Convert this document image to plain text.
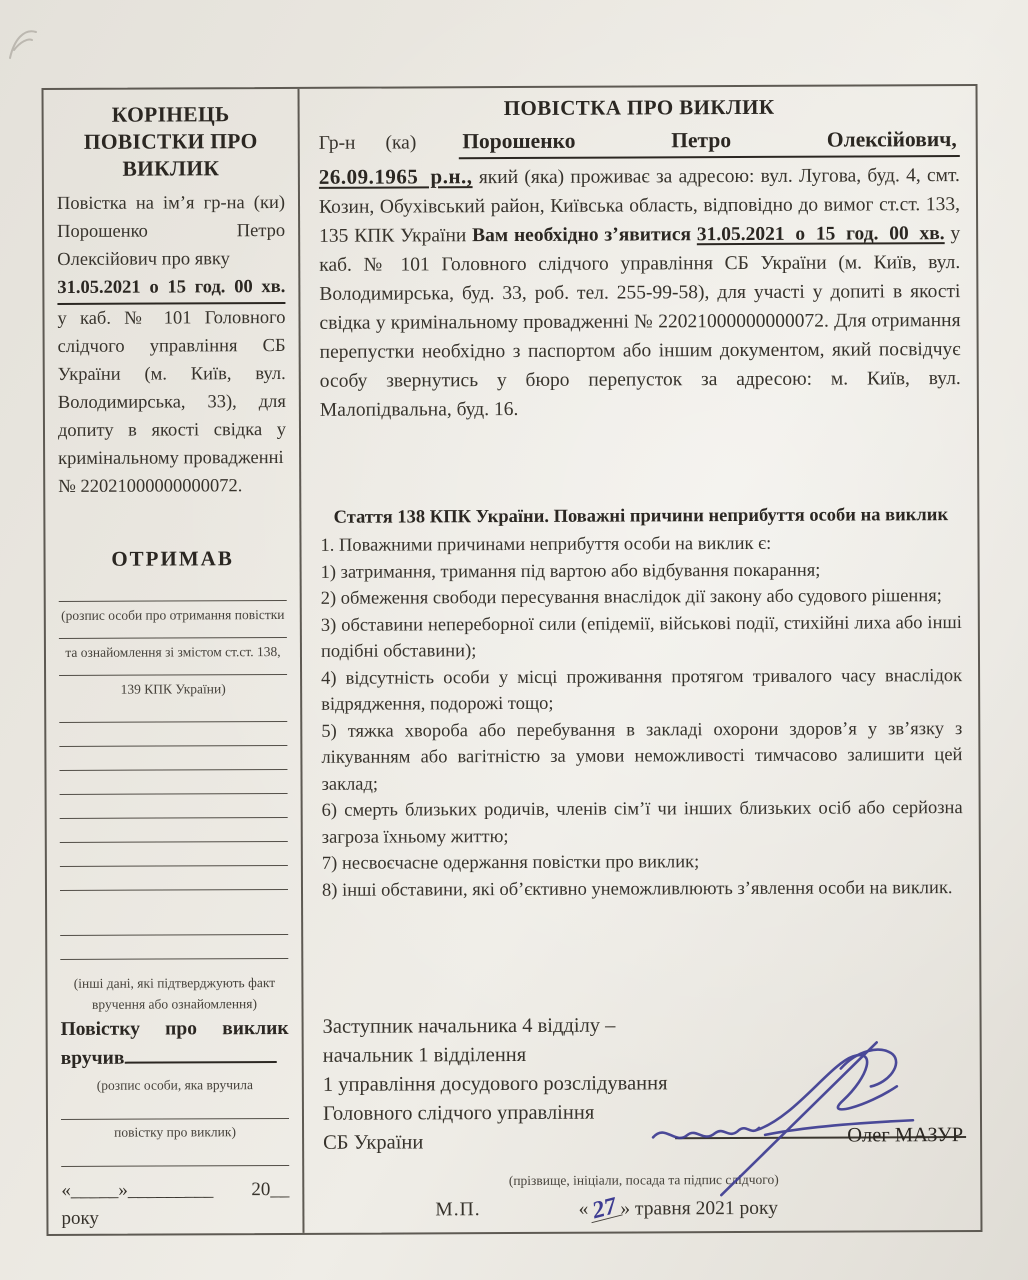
КОРІНЕЦЬ ПОВІСТКИ ПРО ВИКЛИК
Повістка на ім’я гр-на (ки) Порошенко Петро Олексійович про явку
31.05.2021 о 15 год. 00 хв.
у каб. № 101 Головного слідчого управління СБ України (м. Київ, вул. Володимирська, 33), для допиту в якості свідка у кримінальному провадженні
№ 22021000000000072.
ОТРИМАВ
(розпис особи про отримання повістки
та ознайомлення зі змістом ст.ст. 138,
139 КПК України)
(інші дані, які підтверджують факт
вручення або ознайомлення)
Повістку про виклик вручив
(розпис особи, яка вручила
повістку про виклик)
«_____»_________ 20__ року
ПОВІСТКА ПРО ВИКЛИК
Гр-н (ка) Порошенко	Петро	Олексійович,
26.09.1965 р.н., який (яка) проживає за адресою: вул. Лугова, буд. 4, смт. Козин, Обухівський район, Київська область, відповідно до вимог ст.ст. 133, 135 КПК України Вам необхідно з’явитися 31.05.2021 о 15 год. 00 хв. у каб. № 101 Головного слідчого управління СБ України (м. Київ, вул. Володимирська, буд. 33, роб. тел. 255-99-58), для участі у допиті в якості свідка у кримінальному провадженні № 22021000000000072. Для отримання перепустки необхідно з паспортом або іншим документом, який посвідчує особу звернутись у бюро перепусток за адресою: м. Київ, вул. Малопідвальна, буд. 16.
Стаття 138 КПК України. Поважні причини неприбуття особи на виклик
1. Поважними причинами неприбуття особи на виклик є:
1) затримання, тримання під вартою або відбування покарання;
2) обмеження свободи пересування внаслідок дії закону або судового рішення;
3) обставини непереборної сили (епідемії, військові події, стихійні лиха або інші подібні обставини);
4) відсутність особи у місці проживання протягом тривалого часу внаслідок відрядження, подорожі тощо;
5) тяжка хвороба або перебування в закладі охорони здоров’я у зв’язку з лікуванням або вагітністю за умови неможливості тимчасово залишити цей заклад;
6) смерть близьких родичів, членів сім’ї чи інших близьких осіб або серйозна загроза їхньому життю;
7) несвоєчасне одержання повістки про виклик;
8) інші обставини, які об’єктивно унеможливлюють з’явлення особи на виклик.
Заступник начальника 4 відділу –
начальник 1 відділення
1 управління досудового розслідування
Головного слідчого управління
СБ України	Олег МАЗУР
(прізвище, ініціали, посада та підпис слідчого)
М.П.	«27» травня 2021 року
